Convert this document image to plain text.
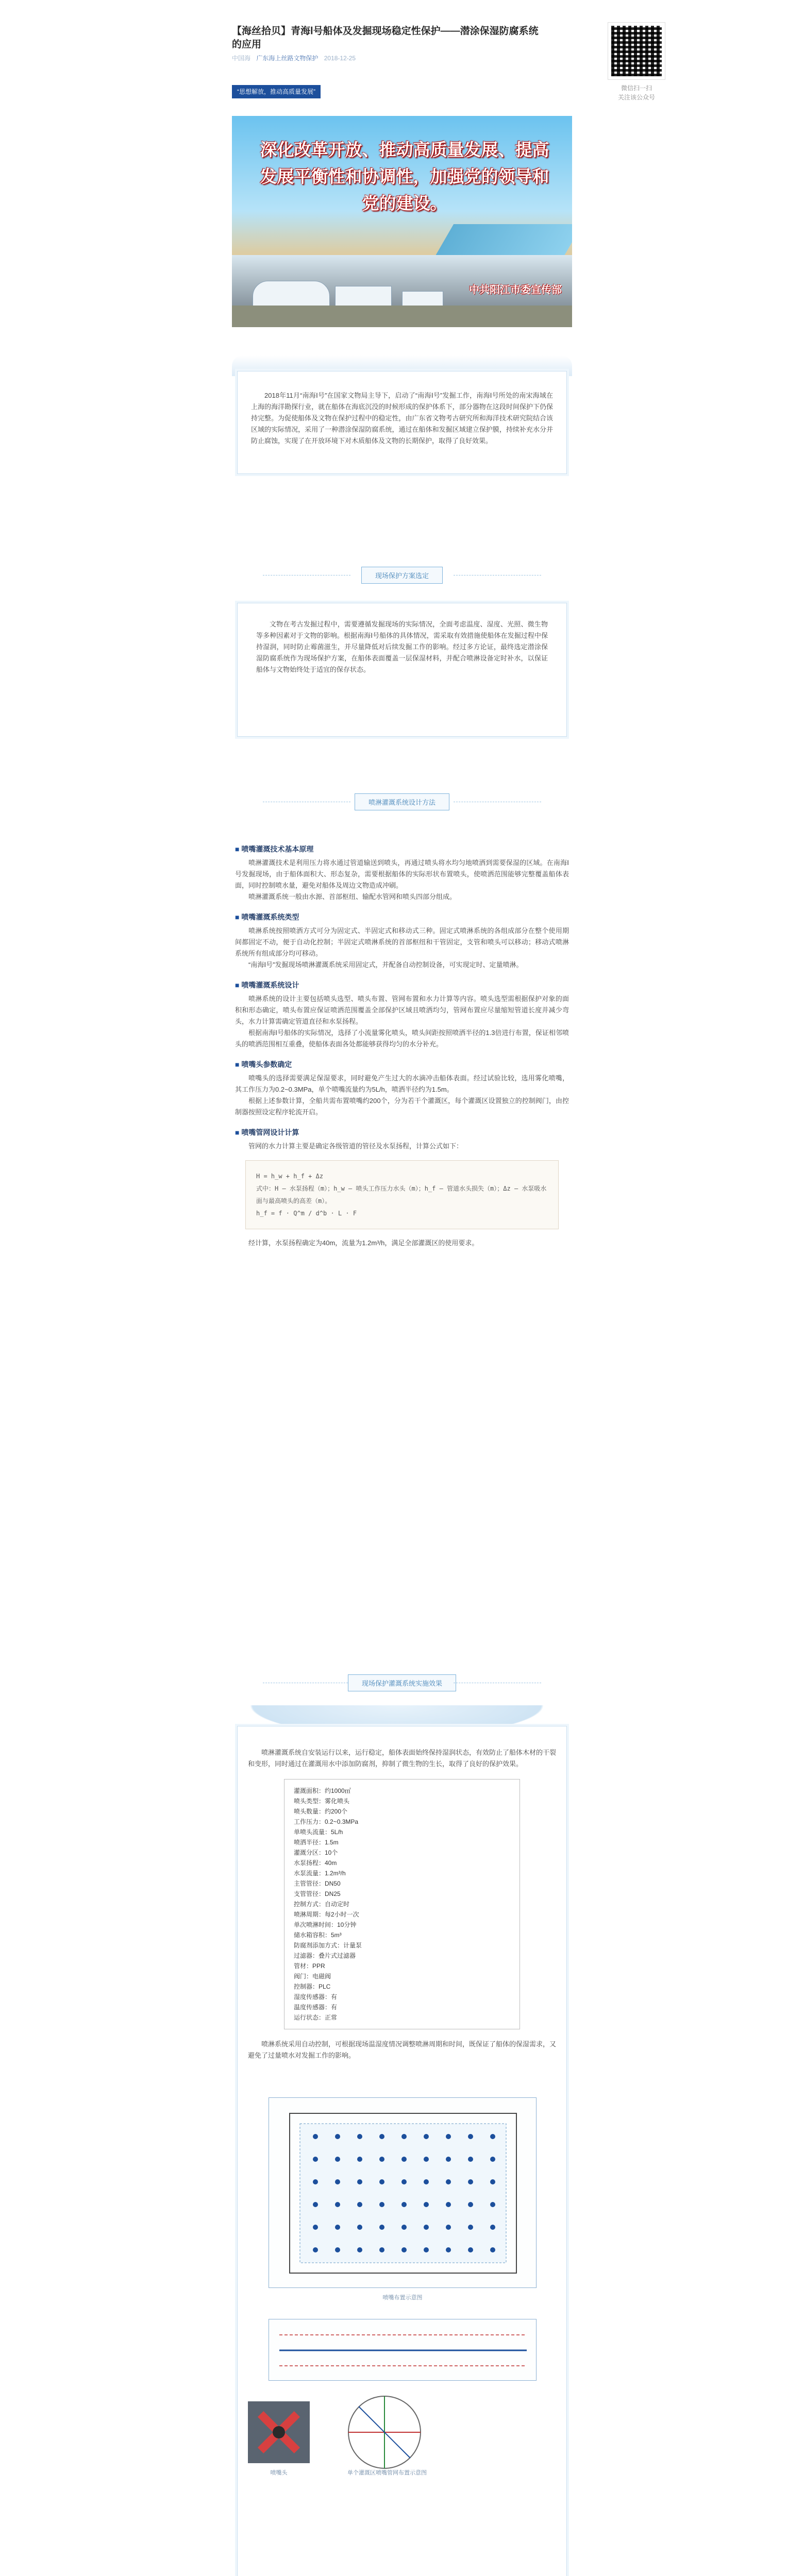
【海丝拾贝】青海Ⅰ号船体及发掘现场稳定性保护——潜涂保湿防腐系统的应用
中国海 广东海上丝路文物保护 2018-12-25
微信扫一扫
关注该公众号
“思想解放，推动高质量发展”
深化改革开放、推动高质量发展、提高发展平衡性和协调性，加强党的领导和党的建设。
中共阳江市委宣传部

2018年11月“南海Ⅰ号”在国家文物局主导下，启动了“南海Ⅰ号”发掘工作，南海Ⅰ号所处的南宋海域在上海的海洋勘探行业，就在船体在海底沉没的时候形成的保护体系下，部分器物在这段时间保护下仍保持完整。为促使船体及文物在保护过程中的稳定性，由广东省文物考古研究所和海洋技术研究院结合该区域的实际情况，采用了一种潜涂保湿防腐系统，通过在船体和发掘区域建立保护膜，持续补充水分并防止腐蚀，实现了在开放环境下对木质船体及文物的长期保护，取得了良好效果。

现场保护方案选定

文物在考古发掘过程中，需要遵循发掘现场的实际情况，全面考虑温度、湿度、光照、微生物等多种因素对于文物的影响。根据南海Ⅰ号船体的具体情况，需采取有效措施使船体在发掘过程中保持湿润，同时防止霉菌滋生，并尽量降低对后续发掘工作的影响。经过多方论证，最终选定潜涂保湿防腐系统作为现场保护方案，在船体表面覆盖一层保湿材料，并配合喷淋设备定时补水，以保证船体与文物始终处于适宜的保存状态。

喷淋灌溉系统设计方法
■ 喷嘴灌溉技术基本原理

喷淋灌溉技术是利用压力将水通过管道输送到喷头，再通过喷头将水均匀地喷洒到需要保湿的区域。在南海Ⅰ号发掘现场，由于船体面积大、形态复杂，需要根据船体的实际形状布置喷头，使喷洒范围能够完整覆盖船体表面，同时控制喷水量，避免对船体及周边文物造成冲刷。

喷淋灌溉系统一般由水源、首部枢纽、输配水管网和喷头四部分组成。

■ 喷嘴灌溉系统类型

喷淋系统按照喷洒方式可分为固定式、半固定式和移动式三种。固定式喷淋系统的各组成部分在整个使用期间都固定不动，便于自动化控制；半固定式喷淋系统的首部枢纽和干管固定，支管和喷头可以移动；移动式喷淋系统所有组成部分均可移动。

“南海Ⅰ号”发掘现场喷淋灌溉系统采用固定式，并配备自动控制设备，可实现定时、定量喷淋。

■ 喷嘴灌溉系统设计

喷淋系统的设计主要包括喷头选型、喷头布置、管网布置和水力计算等内容。喷头选型需根据保护对象的面积和形态确定，喷头布置应保证喷洒范围覆盖全部保护区域且喷洒均匀，管网布置应尽量缩短管道长度并减少弯头，水力计算需确定管道直径和水泵扬程。

根据南海Ⅰ号船体的实际情况，选择了小流量雾化喷头，喷头间距按照喷洒半径的1.3倍进行布置，保证相邻喷头的喷洒范围相互重叠，使船体表面各处都能够获得均匀的水分补充。

■ 喷嘴头参数确定

喷嘴头的选择需要满足保湿要求，同时避免产生过大的水滴冲击船体表面。经过试验比较，选用雾化喷嘴，其工作压力为0.2~0.3MPa，单个喷嘴流量约为5L/h，喷洒半径约为1.5m。

根据上述参数计算，全船共需布置喷嘴约200个，分为若干个灌溉区，每个灌溉区设置独立的控制阀门，由控制器按照设定程序轮流开启。

■ 喷嘴管网设计计算

管网的水力计算主要是确定各级管道的管径及水泵扬程，计算公式如下：

H = h_w + h_f + Δz
式中：H — 水泵扬程（m）；h_w — 喷头工作压力水头（m）；h_f — 管道水头损失（m）；Δz — 水泵吸水面与最高喷头的高差（m）。
h_f = f · Q^m / d^b · L · F

经计算，水泵扬程确定为40m，流量为1.2m³/h，满足全部灌溉区的使用要求。

现场保护灌溉系统实施效果

喷淋灌溉系统自安装运行以来，运行稳定，船体表面始终保持湿润状态，有效防止了船体木材的干裂和变形，同时通过在灌溉用水中添加防腐剂，抑制了微生物的生长，取得了良好的保护效果。

灌溉面积：约1000㎡
喷头类型：雾化喷头
喷头数量：约200个
工作压力：0.2~0.3MPa
单喷头流量：5L/h
喷洒半径：1.5m
灌溉分区：10个
水泵扬程：40m
水泵流量：1.2m³/h
主管管径：DN50
支管管径：DN25
控制方式：自动定时
喷淋周期：每2小时一次
单次喷淋时间：10分钟
储水箱容积：5m³
防腐剂添加方式：计量泵
过滤器：叠片式过滤器
管材：PPR
阀门：电磁阀
控制器：PLC
湿度传感器：有
温度传感器：有
运行状态：正常

喷淋系统采用自动控制，可根据现场温湿度情况调整喷淋周期和时间，既保证了船体的保湿需求，又避免了过量喷水对发掘工作的影响。

喷嘴布置示意图
喷嘴头	单个灌溉区喷嘴管网布置示意图
